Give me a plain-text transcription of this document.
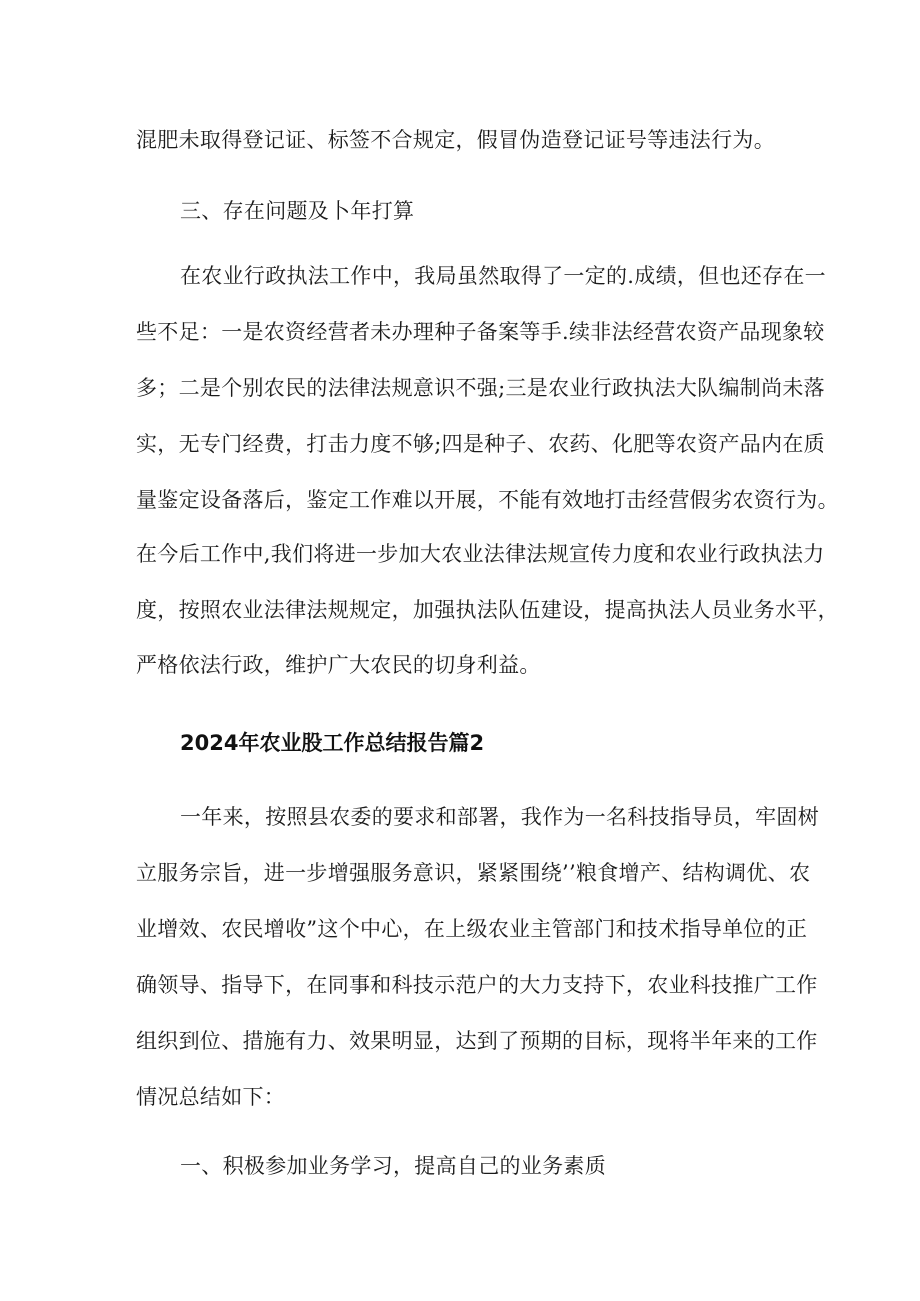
混肥未取得登记证、标签不合规定，假冒伪造登记证号等违法行为。
三、存在问题及卜年打算
在农业行政执法工作中，我局虽然取得了一定的.成绩，但也还存在一
些不足：一是农资经营者未办理种子备案等手.续非法经营农资产品现象较
多；二是个别农民的法律法规意识不强;三是农业行政执法大队编制尚未落
实，无专门经费，打击力度不够;四是种子、农药、化肥等农资产品内在质
量鉴定设备落后，鉴定工作难以开展，不能有效地打击经营假劣农资行为。
在今后工作中,我们将进一步加大农业法律法规宣传力度和农业行政执法力
度，按照农业法律法规规定，加强执法队伍建设，提高执法人员业务水平，
严格依法行政，维护广大农民的切身利益。
2024年农业股工作总结报告篇2
一年来，按照县农委的要求和部署，我作为一名科技指导员，牢固树
立服务宗旨，进一步增强服务意识，紧紧围绕’’粮食增产、结构调优、农
业增效、农民增收”这个中心，在上级农业主管部门和技术指导单位的正
确领导、指导下，在同事和科技示范户的大力支持下，农业科技推广工作
组织到位、措施有力、效果明显，达到了预期的目标，现将半年来的工作
情况总结如下：
一、积极参加业务学习，提高自己的业务素质
